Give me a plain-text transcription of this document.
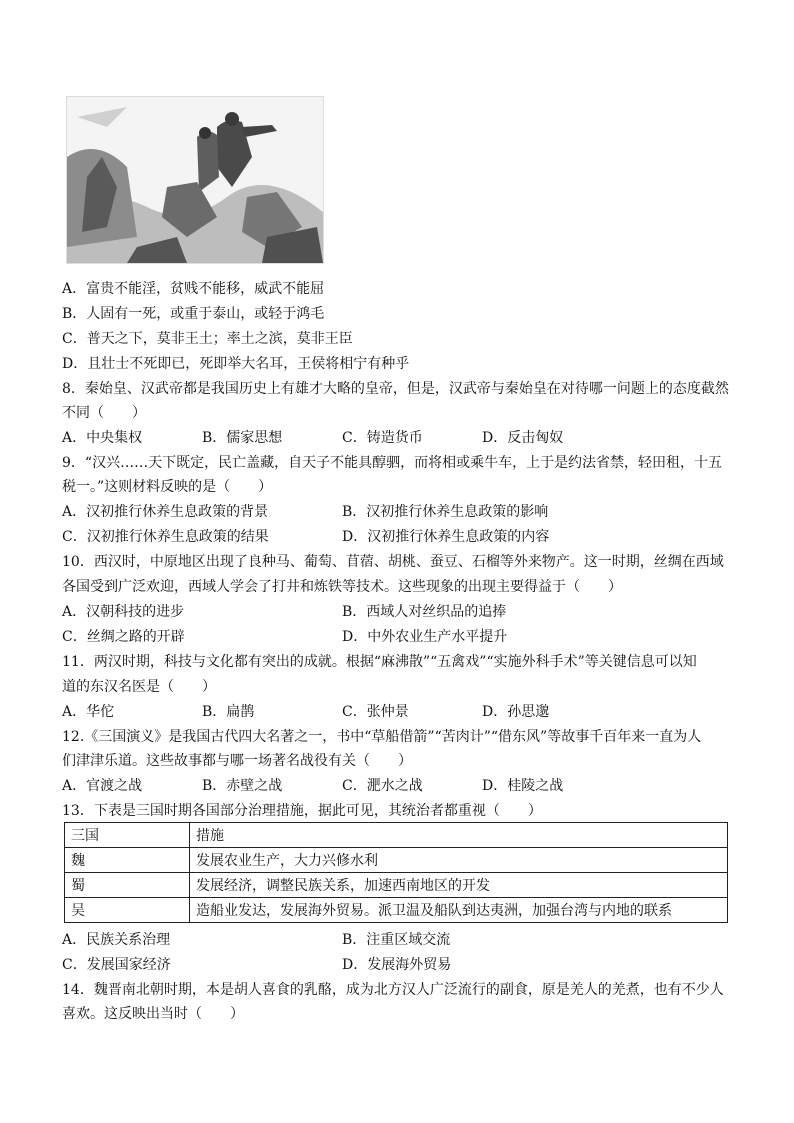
A．富贵不能淫，贫贱不能移，威武不能屈
B．人固有一死，或重于泰山，或轻于鸿毛
C．普天之下，莫非王土；率土之滨，莫非王臣
D．且壮士不死即已，死即举大名耳，王侯将相宁有种乎
8．秦始皇、汉武帝都是我国历史上有雄才大略的皇帝，但是，汉武帝与秦始皇在对待哪一问题上的态度截然
不同（　　）
A．中央集权	B．儒家思想	C．铸造货币	D．反击匈奴
9．“汉兴……天下既定，民亡盖藏，自天子不能具醇驷，而将相或乘牛车，上于是约法省禁，轻田租，十五
税一。”这则材料反映的是（　　）
A．汉初推行休养生息政策的背景	B．汉初推行休养生息政策的影响
C．汉初推行休养生息政策的结果	D．汉初推行休养生息政策的内容
10．西汉时，中原地区出现了良种马、葡萄、苜蓿、胡桃、蚕豆、石榴等外来物产。这一时期，丝绸在西域
各国受到广泛欢迎，西域人学会了打井和炼铁等技术。这些现象的出现主要得益于（　　）
A．汉朝科技的进步	B．西域人对丝织品的追捧
C．丝绸之路的开辟	D．中外农业生产水平提升
11．两汉时期，科技与文化都有突出的成就。根据“麻沸散”“五禽戏”“实施外科手术”等关键信息可以知
道的东汉名医是（　　）
A．华佗	B．扁鹊	C．张仲景	D．孙思邈
12.《三国演义》是我国古代四大名著之一，书中“草船借箭”“苦肉计”“借东风”等故事千百年来一直为人
们津津乐道。这些故事都与哪一场著名战役有关（　　）
A．官渡之战	B．赤壁之战	C．淝水之战	D．桂陵之战
13．下表是三国时期各国部分治理措施，据此可见，其统治者都重视（　　）
三国	措施
魏	发展农业生产，大力兴修水利
蜀	发展经济，调整民族关系，加速西南地区的开发
吴	造船业发达，发展海外贸易。派卫温及船队到达夷洲，加强台湾与内地的联系
A．民族关系治理	B．注重区域交流
C．发展国家经济	D．发展海外贸易
14．魏晋南北朝时期，本是胡人喜食的乳酪，成为北方汉人广泛流行的副食，原是羌人的羌煮，也有不少人
喜欢。这反映出当时（　　）
